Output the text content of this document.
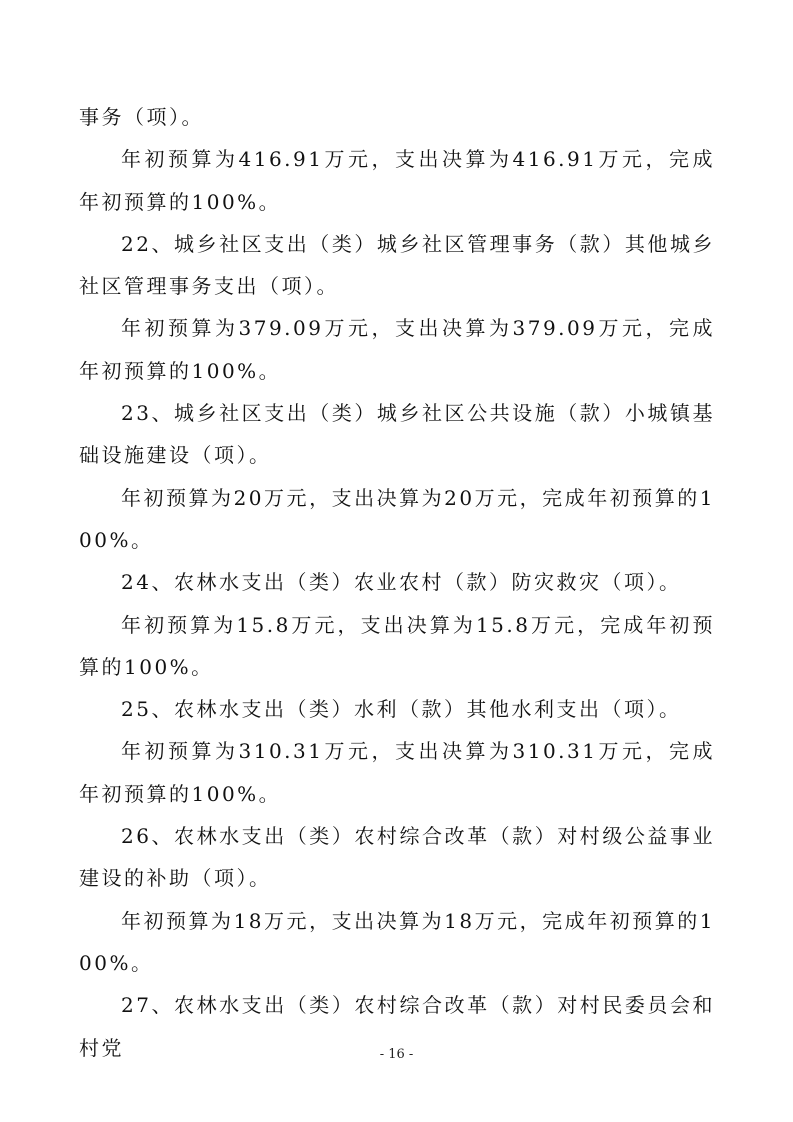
事务（项）。

年初预算为416.91万元，支出决算为416.91万元，完成年初预算的100%。

22、城乡社区支出（类）城乡社区管理事务（款）其他城乡社区管理事务支出（项）。

年初预算为379.09万元，支出决算为379.09万元，完成年初预算的100%。

23、城乡社区支出（类）城乡社区公共设施（款）小城镇基础设施建设（项）。

年初预算为20万元，支出决算为20万元，完成年初预算的100%。

24、农林水支出（类）农业农村（款）防灾救灾（项）。

年初预算为15.8万元，支出决算为15.8万元，完成年初预算的100%。

25、农林水支出（类）水利（款）其他水利支出（项）。

年初预算为310.31万元，支出决算为310.31万元，完成年初预算的100%。

26、农林水支出（类）农村综合改革（款）对村级公益事业建设的补助（项）。

年初预算为18万元，支出决算为18万元，完成年初预算的100%。

27、农林水支出（类）农村综合改革（款）对村民委员会和村党	- 16 -
